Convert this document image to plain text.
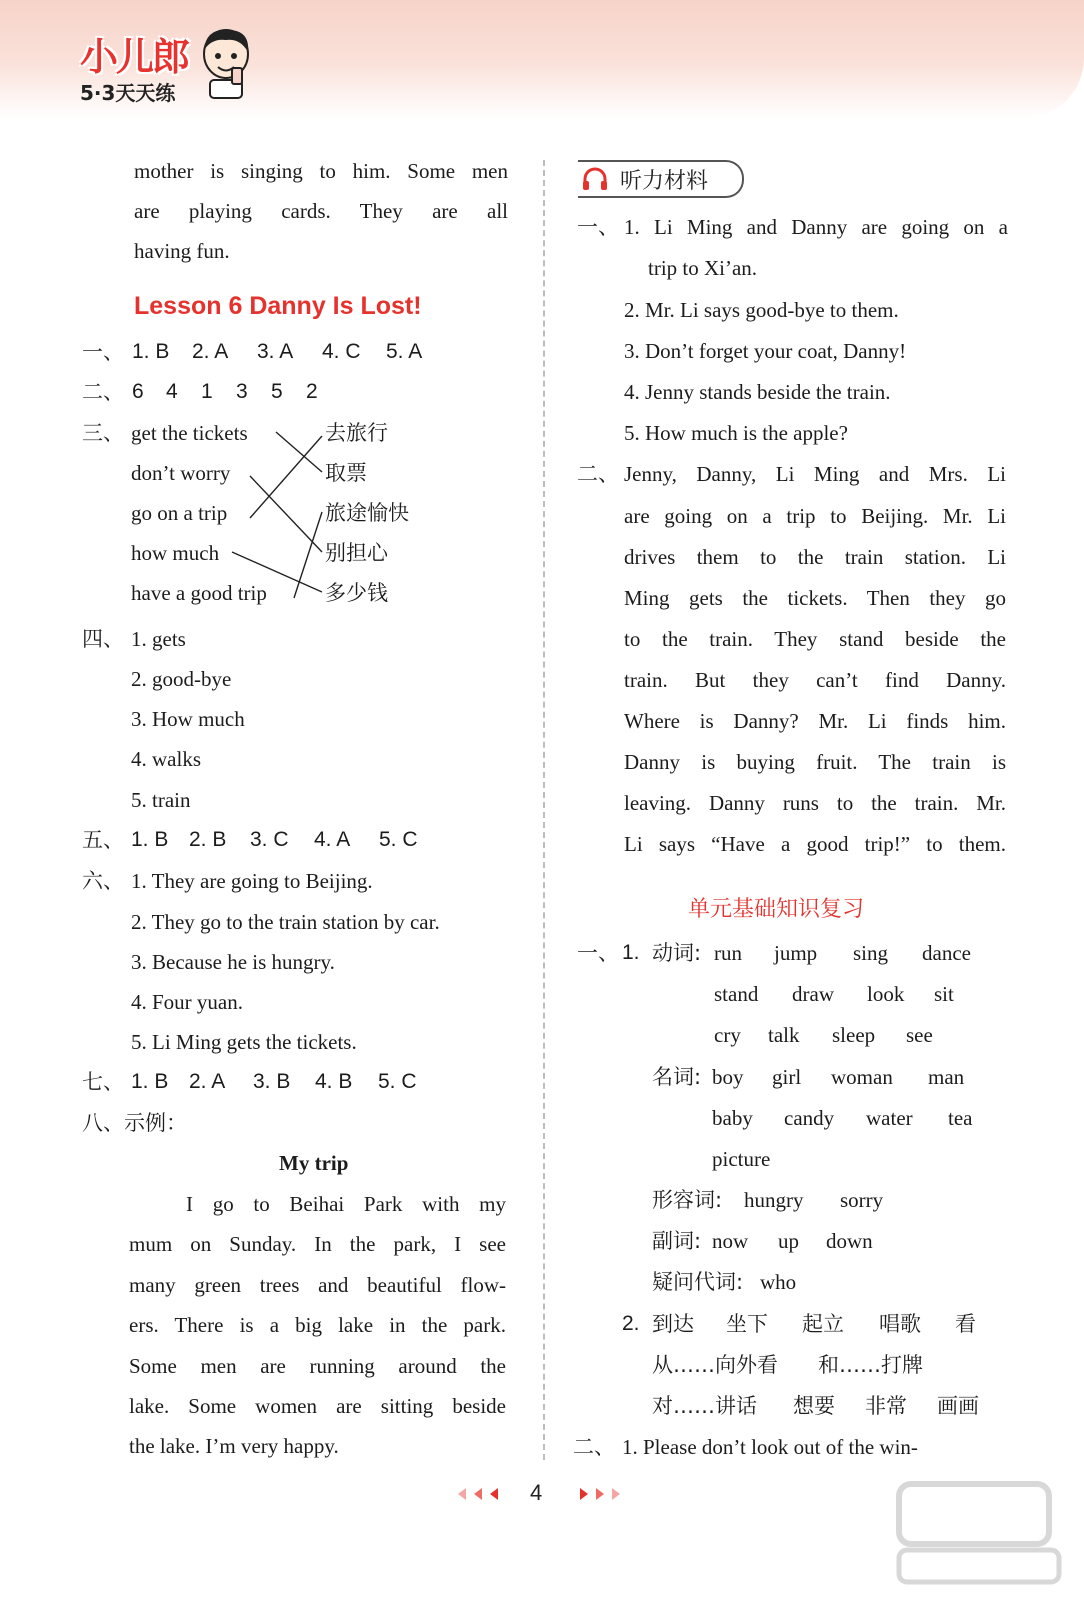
小儿郎
5·3天天练
mother is singing to him. Some men
are playing cards. They are all
having fun.
Lesson 6 Danny Is Lost!
一、 1. B 2. A 3. A 4. C 5. A
二、 6 4 1 3 5 2
三、 get the tickets
don’t worry
go on a trip
how much
have a good trip
去旅行
取票
旅途愉快
别担心
多少钱
四、 1. gets
2. good-bye
3. How much
4. walks
5. train
五、 1. B 2. B 3. C 4. A 5. C
六、 1. They are going to Beijing.
2. They go to the train station by car.
3. Because he is hungry.
4. Four yuan.
5. Li Ming gets the tickets.
七、 1. B 2. A 3. B 4. B 5. C
八、示例：
My trip
I go to Beihai Park with my
mum on Sunday. In the park, I see
many green trees and beautiful flow-
ers. There is a big lake in the park.
Some men are running around the
lake. Some women are sitting beside
the lake. I’m very happy.
听力材料
一、 1. Li Ming and Danny are going on a
trip to Xi’an.
2. Mr. Li says good-bye to them.
3. Don’t forget your coat, Danny!
4. Jenny stands beside the train.
5. How much is the apple?
二、 Jenny, Danny, Li Ming and Mrs. Li
are going on a trip to Beijing. Mr. Li
drives them to the train station. Li
Ming gets the tickets. Then they go
to the train. They stand beside the
train. But they can’t find Danny.
Where is Danny? Mr. Li finds him.
Danny is buying fruit. The train is
leaving. Danny runs to the train. Mr.
Li says “Have a good trip!” to them.
单元基础知识复习
一、 1. 动词: run jump sing dance
stand draw look sit
cry talk sleep see
名词: boy girl woman man
baby candy water tea
picture
形容词: hungry sorry
副词: now up down
疑问代词: who
2. 到达 坐下 起立 唱歌 看
从……向外看 和……打牌
对……讲话 想要 非常 画画
二、 1. Please don’t look out of the win-
4
